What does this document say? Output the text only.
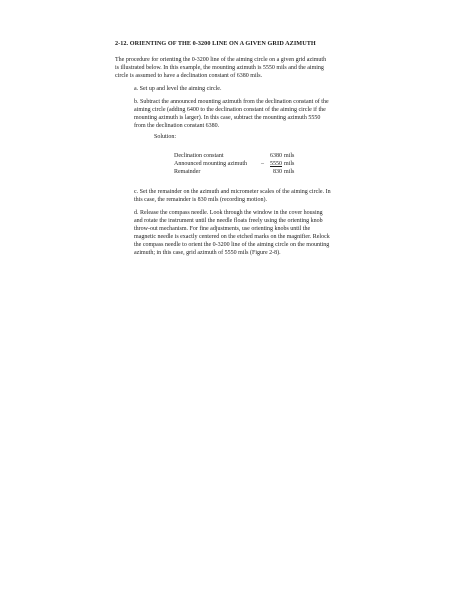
2-12. ORIENTING OF THE 0-3200 LINE ON A GIVEN GRID AZIMUTH
The procedure for orienting the 0-3200 line of the aiming circle on a given grid azimuth
is illustrated below. In this example, the mounting azimuth is 5550 mils and the aiming
circle is assumed to have a declination constant of 6380 mils.
a. Set up and level the aiming circle.
b. Subtract the announced mounting azimuth from the declination constant of the
aiming circle (adding 6400 to the declination constant of the aiming circle if the
mounting azimuth is larger). In this case, subtract the mounting azimuth 5550
from the declination constant 6380.
Solution:
Declination constant	6380 mils
Announced mounting azimuth	–	5550 mils
Remainder	830 mils
c. Set the remainder on the azimuth and micrometer scales of the aiming circle. In
this case, the remainder is 830 mils (recording motion).
d. Release the compass needle. Look through the window in the cover housing
and rotate the instrument until the needle floats freely using the orienting knob
throw-out mechanism. For fine adjustments, use orienting knobs until the
magnetic needle is exactly centered on the etched marks on the magnifier. Relock
the compass needle to orient the 0-3200 line of the aiming circle on the mounting
azimuth; in this case, grid azimuth of 5550 mils (Figure 2-8).
